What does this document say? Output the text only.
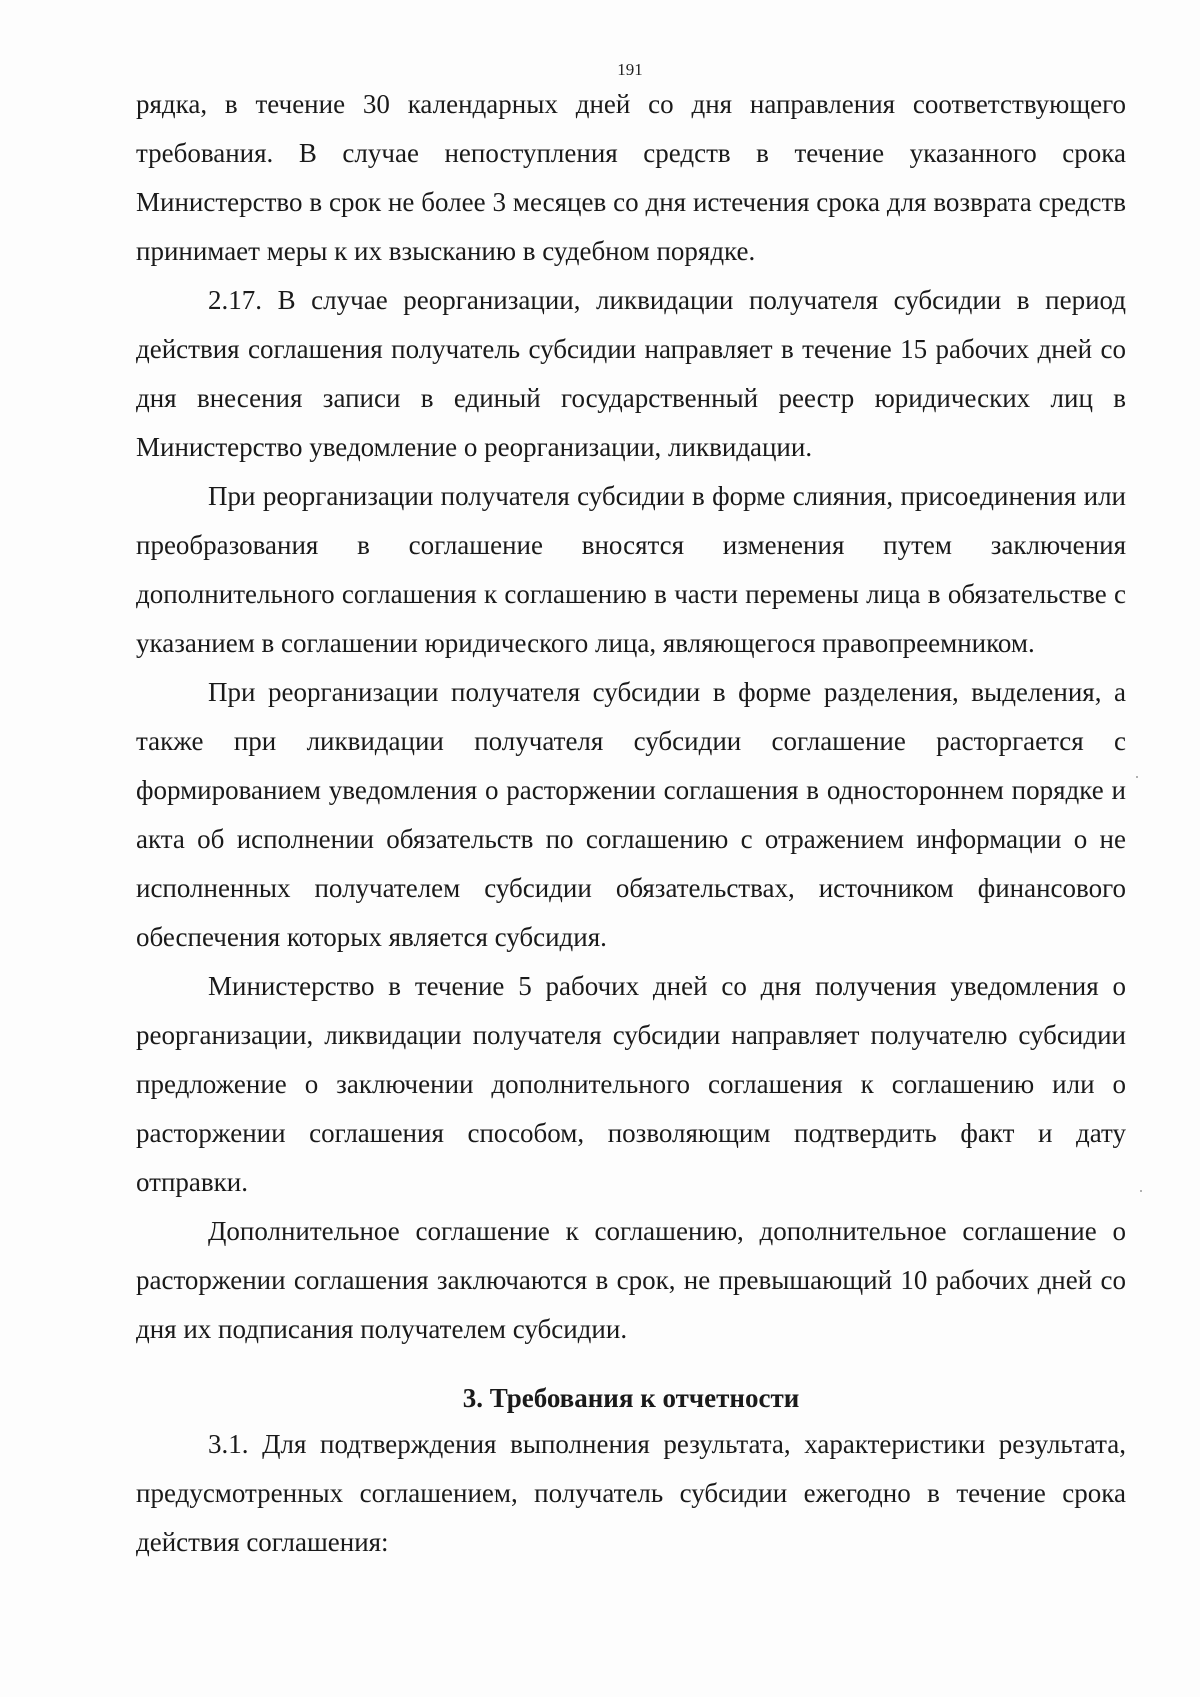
191

рядка, в течение 30 календарных дней со дня направления соответствующего требования. В случае непоступления средств в течение указанного срока Министерство в срок не более 3 месяцев со дня истечения срока для возврата средств принимает меры к их взысканию в судебном порядке.

2.17. В случае реорганизации, ликвидации получателя субсидии в период действия соглашения получатель субсидии направляет в течение 15 рабочих дней со дня внесения записи в единый государственный реестр юридических лиц в Министерство уведомление о реорганизации, ликвидации.

При реорганизации получателя субсидии в форме слияния, присоединения или преобразования в соглашение вносятся изменения путем заключения дополнительного соглашения к соглашению в части перемены лица в обязательстве с указанием в соглашении юридического лица, являющегося правопреемником.

При реорганизации получателя субсидии в форме разделения, выделения, а также при ликвидации получателя субсидии соглашение расторгается с формированием уведомления о расторжении соглашения в одностороннем порядке и акта об исполнении обязательств по соглашению с отражением информации о не исполненных получателем субсидии обязательствах, источником финансового обеспечения которых является субсидия.

Министерство в течение 5 рабочих дней со дня получения уведомления о реорганизации, ликвидации получателя субсидии направляет получателю субсидии предложение о заключении дополнительного соглашения к соглашению или о расторжении соглашения способом, позволяющим подтвердить факт и дату отправки.

Дополнительное соглашение к соглашению, дополнительное соглашение о расторжении соглашения заключаются в срок, не превышающий 10 рабочих дней со дня их подписания получателем субсидии.

3. Требования к отчетности

3.1. Для подтверждения выполнения результата, характеристики результата, предусмотренных соглашением, получатель субсидии ежегодно в течение срока действия соглашения:
